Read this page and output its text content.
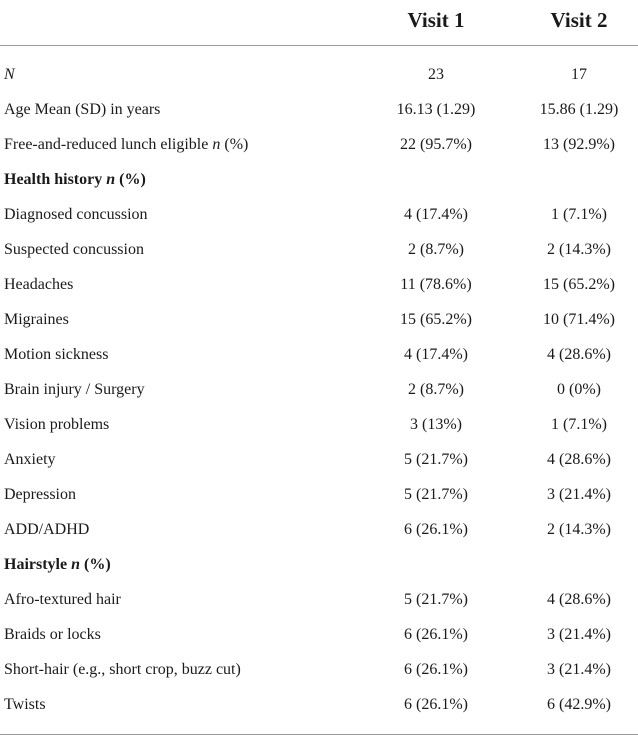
Visit 1	Visit 2
N	23	17
Age Mean (SD) in years	16.13 (1.29)	15.86 (1.29)
Free-and-reduced lunch eligible n (%)	22 (95.7%)	13 (92.9%)
Health history n (%)
Diagnosed concussion	4 (17.4%)	1 (7.1%)
Suspected concussion	2 (8.7%)	2 (14.3%)
Headaches	11 (78.6%)	15 (65.2%)
Migraines	15 (65.2%)	10 (71.4%)
Motion sickness	4 (17.4%)	4 (28.6%)
Brain injury / Surgery	2 (8.7%)	0 (0%)
Vision problems	3 (13%)	1 (7.1%)
Anxiety	5 (21.7%)	4 (28.6%)
Depression	5 (21.7%)	3 (21.4%)
ADD/ADHD	6 (26.1%)	2 (14.3%)
Hairstyle n (%)
Afro-textured hair	5 (21.7%)	4 (28.6%)
Braids or locks	6 (26.1%)	3 (21.4%)
Short-hair (e.g., short crop, buzz cut)	6 (26.1%)	3 (21.4%)
Twists	6 (26.1%)	6 (42.9%)
